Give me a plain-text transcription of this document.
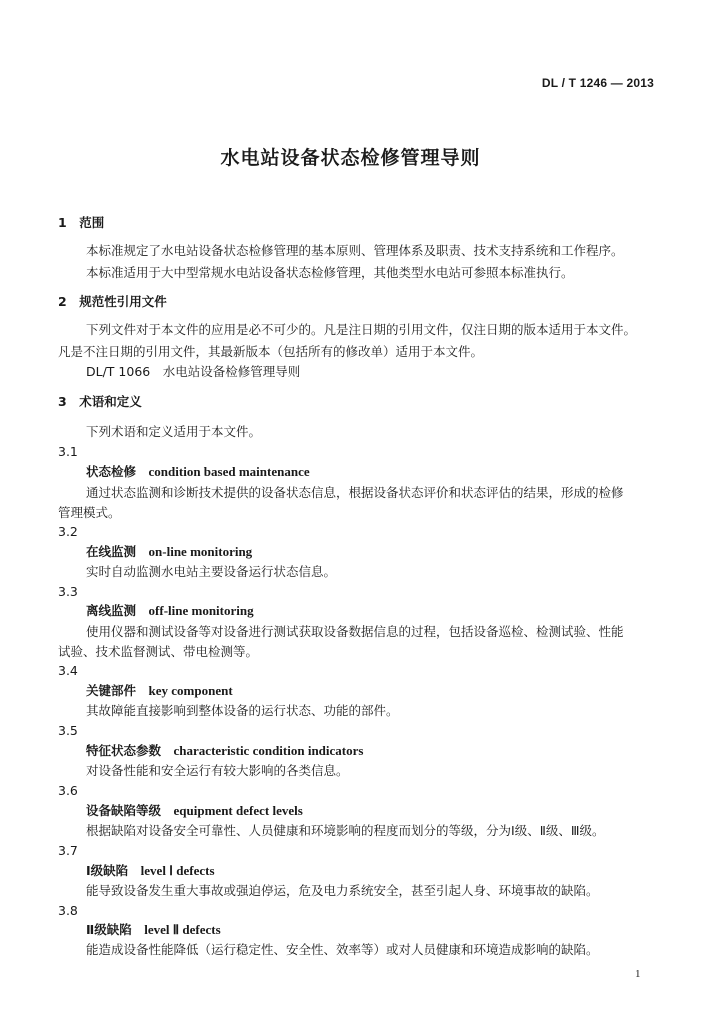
DL / T 1246 — 2013
水电站设备状态检修管理导则
1　范围
本标准规定了水电站设备状态检修管理的基本原则、管理体系及职责、技术支持系统和工作程序。
本标准适用于大中型常规水电站设备状态检修管理，其他类型水电站可参照本标准执行。
2　规范性引用文件
下列文件对于本文件的应用是必不可少的。凡是注日期的引用文件，仅注日期的版本适用于本文件。
凡是不注日期的引用文件，其最新版本（包括所有的修改单）适用于本文件。
DL/T 1066　水电站设备检修管理导则
3　术语和定义
下列术语和定义适用于本文件。
3.1
状态检修　 condition based maintenance
通过状态监测和诊断技术提供的设备状态信息，根据设备状态评价和状态评估的结果，形成的检修
管理模式。
3.2
在线监测　 on-line monitoring
实时自动监测水电站主要设备运行状态信息。
3.3
离线监测　 off-line monitoring
使用仪器和测试设备等对设备进行测试获取设备数据信息的过程，包括设备巡检、检测试验、性能
试验、技术监督测试、带电检测等。
3.4
关键部件　 key component
其故障能直接影响到整体设备的运行状态、功能的部件。
3.5
特征状态参数　 characteristic condition indicators
对设备性能和安全运行有较大影响的各类信息。
3.6
设备缺陷等级　 equipment defect levels
根据缺陷对设备安全可靠性、人员健康和环境影响的程度而划分的等级，分为Ⅰ级、Ⅱ级、Ⅲ级。
3.7
Ⅰ级缺陷　 level Ⅰ defects
能导致设备发生重大事故或强迫停运，危及电力系统安全，甚至引起人身、环境事故的缺陷。
3.8
Ⅱ级缺陷　 level Ⅱ defects
能造成设备性能降低（运行稳定性、安全性、效率等）或对人员健康和环境造成影响的缺陷。
1
